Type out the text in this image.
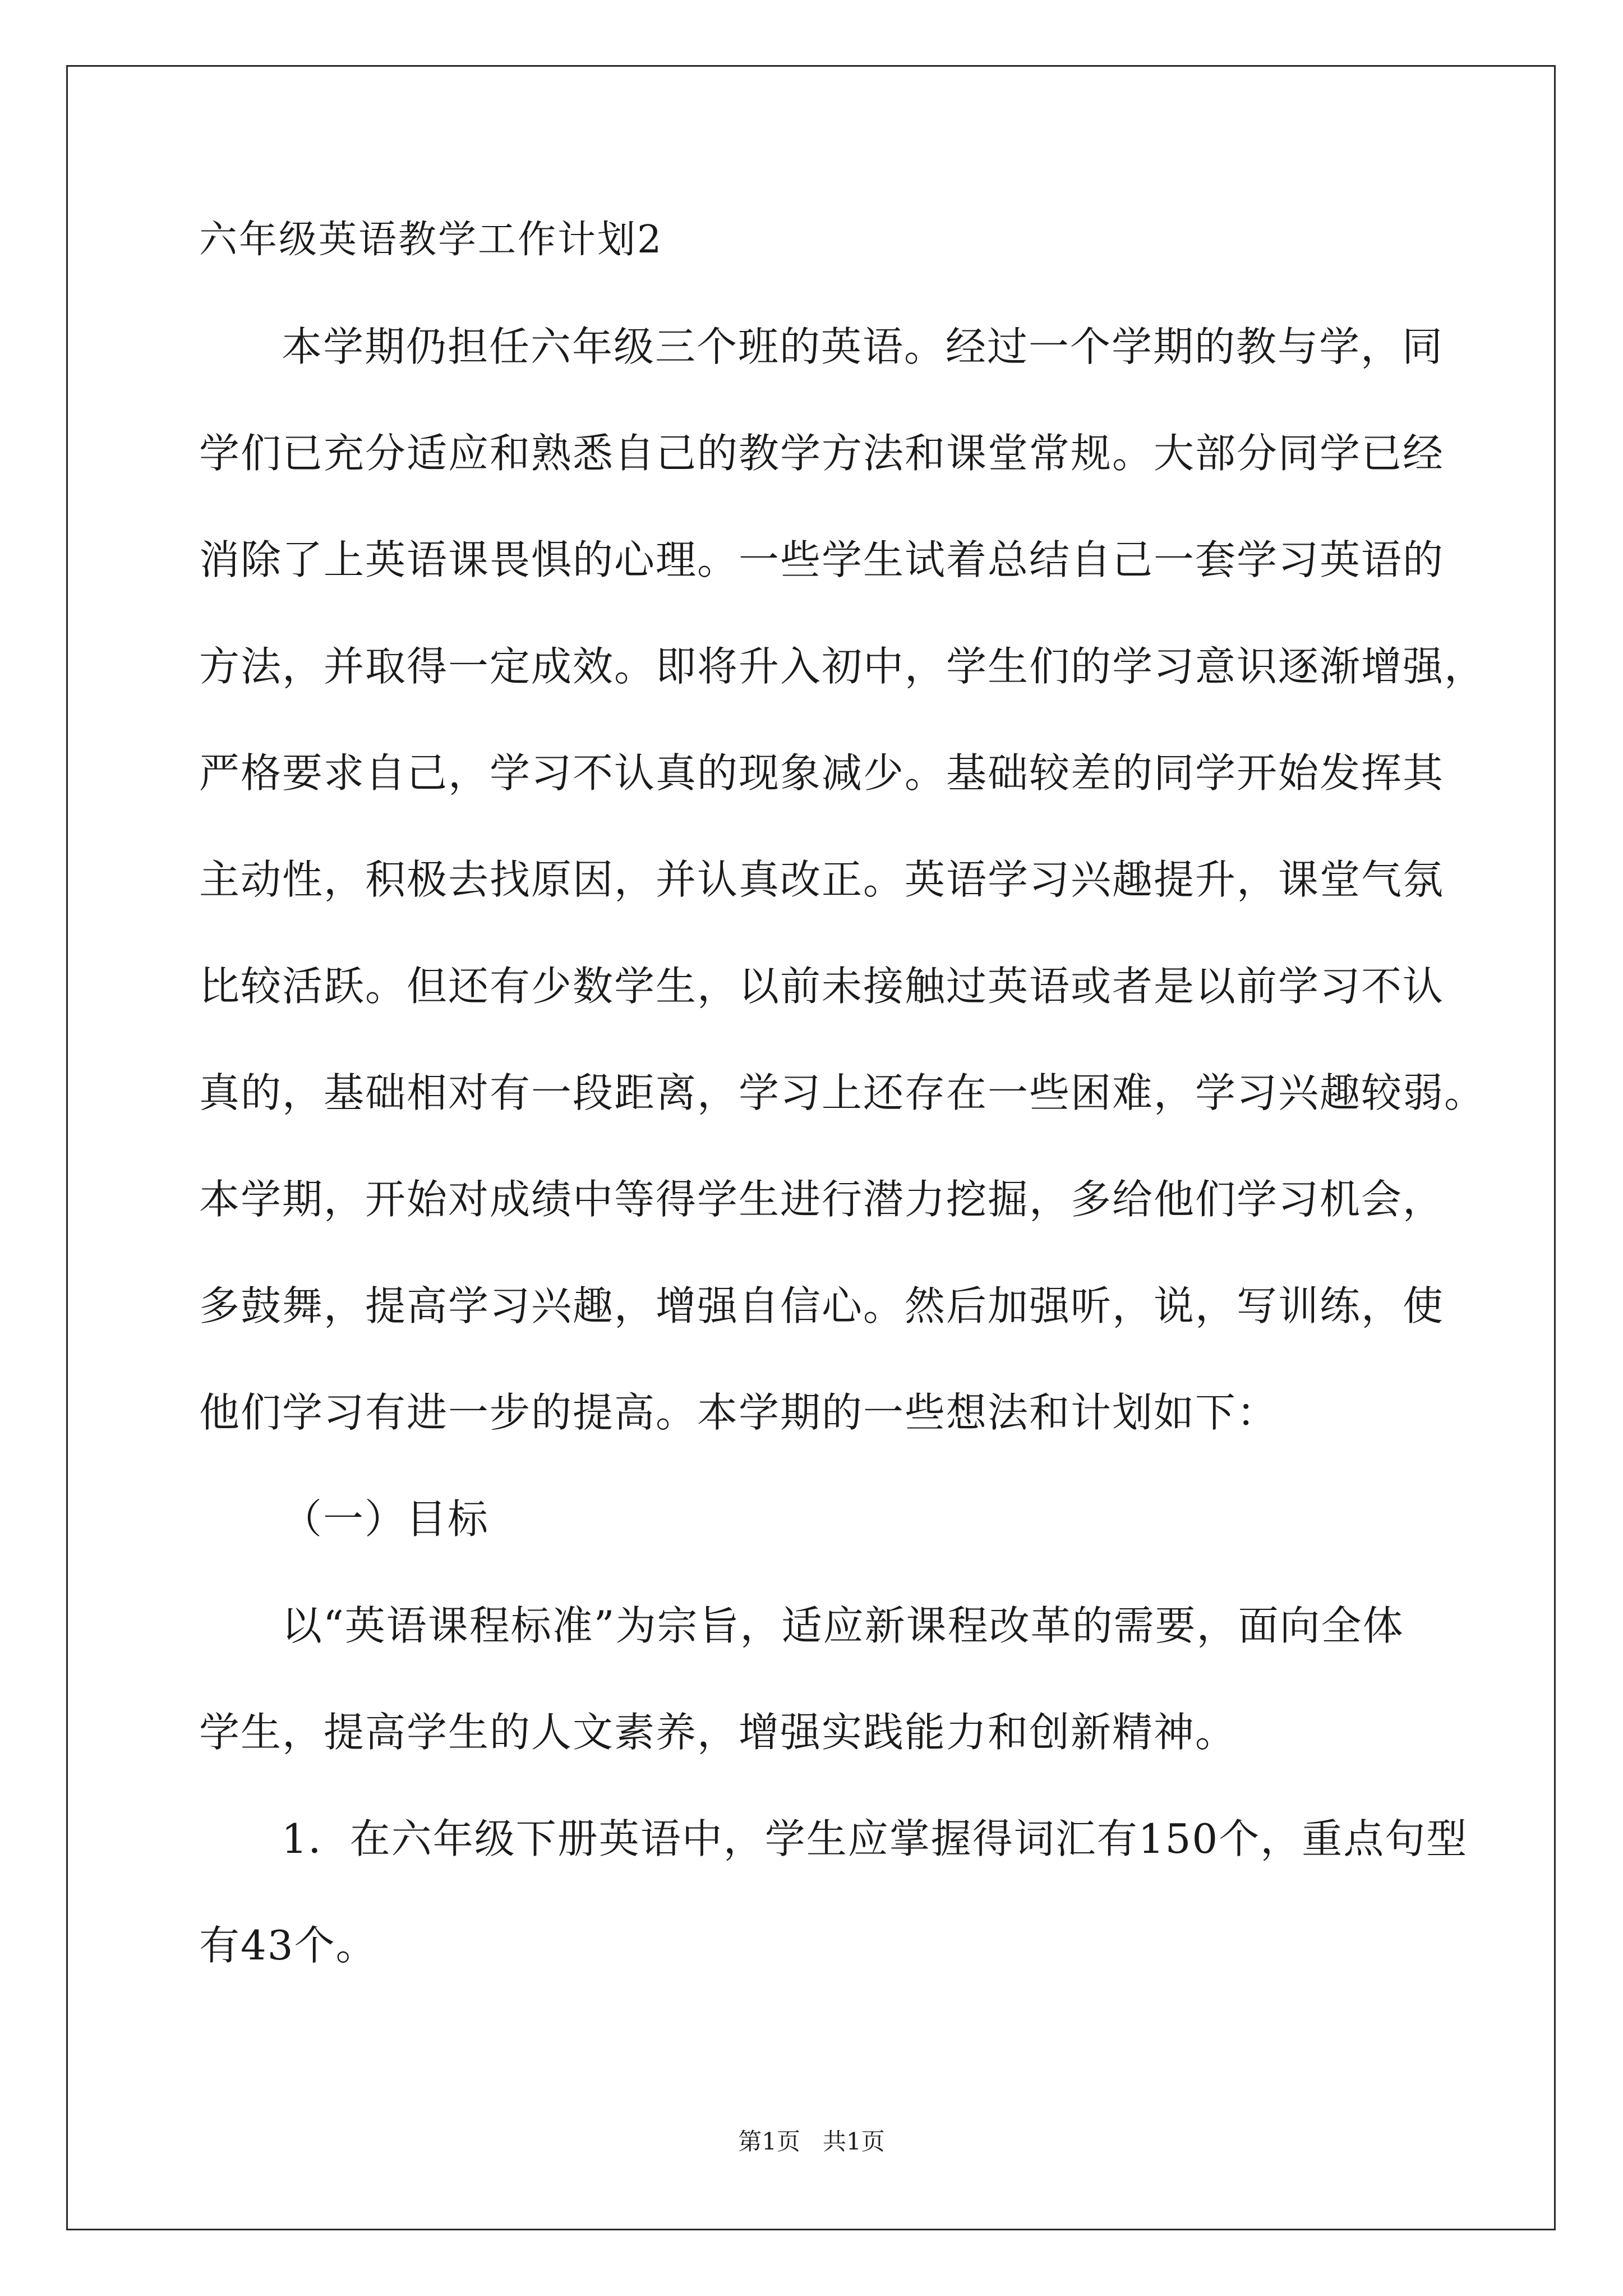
六年级英语教学工作计划2

本学期仍担任六年级三个班的英语。经过一个学期的教与学，同

学们已充分适应和熟悉自己的教学方法和课堂常规。大部分同学已经

消除了上英语课畏惧的心理。一些学生试着总结自己一套学习英语的

方法，并取得一定成效。即将升入初中，学生们的学习意识逐渐增强，

严格要求自己，学习不认真的现象减少。基础较差的同学开始发挥其

主动性，积极去找原因，并认真改正。英语学习兴趣提升，课堂气氛

比较活跃。但还有少数学生，以前未接触过英语或者是以前学习不认

真的，基础相对有一段距离，学习上还存在一些困难，学习兴趣较弱。

本学期，开始对成绩中等得学生进行潜力挖掘，多给他们学习机会，

多鼓舞，提高学习兴趣，增强自信心。然后加强听，说，写训练，使

他们学习有进一步的提高。本学期的一些想法和计划如下：

（一）目标

以“英语课程标准”为宗旨，适应新课程改革的需要，面向全体

学生，提高学生的人文素养，增强实践能力和创新精神。

1．在六年级下册英语中，学生应掌握得词汇有150个，重点句型

有43个。

第1页 共1页
